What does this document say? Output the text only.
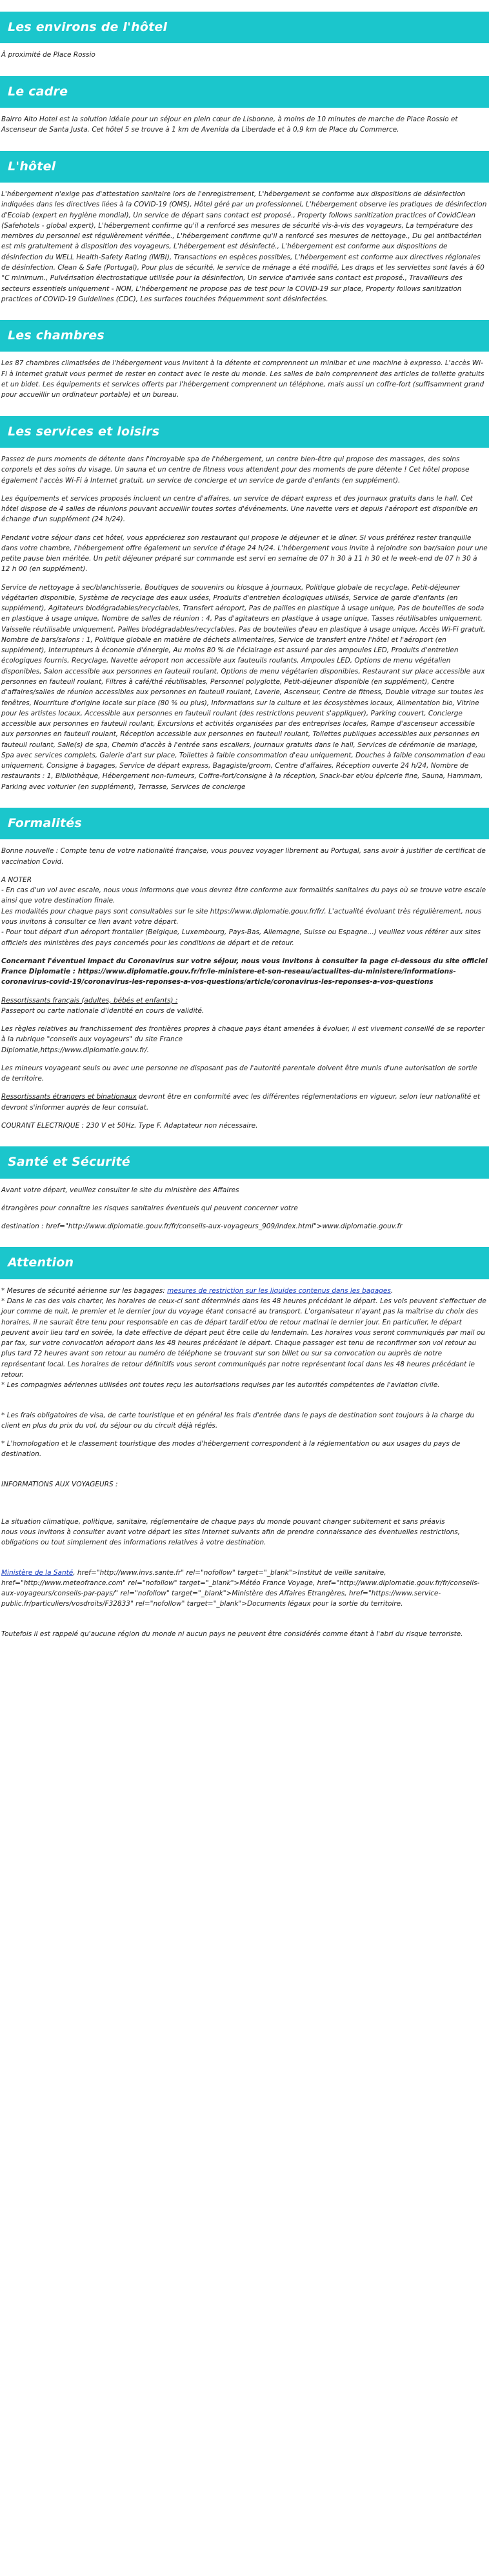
Les environs de l'hôtel

À proximité de Place Rossio

Le cadre

Bairro Alto Hotel est la solution idéale pour un séjour en plein cœur de Lisbonne, à moins de 10 minutes de marche de Place Rossio et Ascenseur de Santa Justa. Cet hôtel 5 se trouve à 1 km de Avenida da Liberdade et à 0,9 km de Place du Commerce.

L'hôtel

L'hébergement n'exige pas d'attestation sanitaire lors de l'enregistrement, L'hébergement se conforme aux dispositions de désinfection indiquées dans les directives liées à la COVID-19 (OMS), Hôtel géré par un professionnel, L'hébergement observe les pratiques de désinfection d'Ecolab (expert en hygiène mondial), Un service de départ sans contact est proposé., Property follows sanitization practices of CovidClean (Safehotels - global expert), L'hébergement confirme qu'il a renforcé ses mesures de sécurité vis-à-vis des voyageurs, La température des membres du personnel est régulièrement vérifiée., L'hébergement confirme qu'il a renforcé ses mesures de nettoyage., Du gel antibactérien est mis gratuitement à disposition des voyageurs, L'hébergement est désinfecté., L'hébergement est conforme aux dispositions de désinfection du WELL Health-Safety Rating (IWBI), Transactions en espèces possibles, L'hébergement est conforme aux directives régionales de désinfection. Clean & Safe (Portugal), Pour plus de sécurité, le service de ménage a été modifié, Les draps et les serviettes sont lavés à 60 °C minimum., Pulvérisation électrostatique utilisée pour la désinfection, Un service d'arrivée sans contact est proposé., Travailleurs des secteurs essentiels uniquement - NON, L'hébergement ne propose pas de test pour la COVID-19 sur place, Property follows sanitization practices of COVID-19 Guidelines (CDC), Les surfaces touchées fréquemment sont désinfectées.

Les chambres

Les 87 chambres climatisées de l'hébergement vous invitent à la détente et comprennent un minibar et une machine à expresso. L'accès Wi-Fi à Internet gratuit vous permet de rester en contact avec le reste du monde. Les salles de bain comprennent des articles de toilette gratuits et un bidet. Les équipements et services offerts par l'hébergement comprennent un téléphone, mais aussi un coffre-fort (suffisamment grand pour accueillir un ordinateur portable) et un bureau.

Les services et loisirs

Passez de purs moments de détente dans l'incroyable spa de l'hébergement, un centre bien-être qui propose des massages, des soins corporels et des soins du visage. Un sauna et un centre de fitness vous attendent pour des moments de pure détente ! Cet hôtel propose également l'accès Wi-Fi à Internet gratuit, un service de concierge et un service de garde d'enfants (en supplément).

Les équipements et services proposés incluent un centre d'affaires, un service de départ express et des journaux gratuits dans le hall. Cet hôtel dispose de 4 salles de réunions pouvant accueillir toutes sortes d'événements. Une navette vers et depuis l'aéroport est disponible en échange d'un supplément (24 h/24).

Pendant votre séjour dans cet hôtel, vous apprécierez son restaurant qui propose le déjeuner et le dîner. Si vous préférez rester tranquille dans votre chambre, l'hébergement offre également un service d'étage 24 h/24. L'hébergement vous invite à rejoindre son bar/salon pour une petite pause bien méritée. Un petit déjeuner préparé sur commande est servi en semaine de 07 h 30 à 11 h 30 et le week-end de 07 h 30 à 12 h 00 (en supplément).

Service de nettoyage à sec/blanchisserie, Boutiques de souvenirs ou kiosque à journaux, Politique globale de recyclage, Petit-déjeuner végétarien disponible, Système de recyclage des eaux usées, Produits d'entretien écologiques utilisés, Service de garde d'enfants (en supplément), Agitateurs biodégradables/recyclables, Transfert aéroport, Pas de pailles en plastique à usage unique, Pas de bouteilles de soda en plastique à usage unique, Nombre de salles de réunion : 4, Pas d'agitateurs en plastique à usage unique, Tasses réutilisables uniquement, Vaisselle réutilisable uniquement, Pailles biodégradables/recyclables, Pas de bouteilles d'eau en plastique à usage unique, Accès Wi-Fi gratuit, Nombre de bars/salons : 1, Politique globale en matière de déchets alimentaires, Service de transfert entre l'hôtel et l'aéroport (en supplément), Interrupteurs à économie d'énergie, Au moins 80 % de l'éclairage est assuré par des ampoules LED, Produits d'entretien écologiques fournis, Recyclage, Navette aéroport non accessible aux fauteuils roulants, Ampoules LED, Options de menu végétalien disponibles, Salon accessible aux personnes en fauteuil roulant, Options de menu végétarien disponibles, Restaurant sur place accessible aux personnes en fauteuil roulant, Filtres à café/thé réutilisables, Personnel polyglotte, Petit-déjeuner disponible (en supplément), Centre d'affaires/salles de réunion accessibles aux personnes en fauteuil roulant, Laverie, Ascenseur, Centre de fitness, Double vitrage sur toutes les fenêtres, Nourriture d'origine locale sur place (80 % ou plus), Informations sur la culture et les écosystèmes locaux, Alimentation bio, Vitrine pour les artistes locaux, Accessible aux personnes en fauteuil roulant (des restrictions peuvent s'appliquer), Parking couvert, Concierge accessible aux personnes en fauteuil roulant, Excursions et activités organisées par des entreprises locales, Rampe d'ascenseur accessible aux personnes en fauteuil roulant, Réception accessible aux personnes en fauteuil roulant, Toilettes publiques accessibles aux personnes en fauteuil roulant, Salle(s) de spa, Chemin d'accès à l'entrée sans escaliers, Journaux gratuits dans le hall, Services de cérémonie de mariage, Spa avec services complets, Galerie d'art sur place, Toilettes à faible consommation d'eau uniquement, Douches à faible consommation d'eau uniquement, Consigne à bagages, Service de départ express, Bagagiste/groom, Centre d'affaires, Réception ouverte 24 h/24, Nombre de restaurants : 1, Bibliothèque, Hébergement non-fumeurs, Coffre-fort/consigne à la réception, Snack-bar et/ou épicerie fine, Sauna, Hammam, Parking avec voiturier (en supplément), Terrasse, Services de concierge

Formalités

Bonne nouvelle : Compte tenu de votre nationalité française, vous pouvez voyager librement au Portugal, sans avoir à justifier de certificat de vaccination Covid.

A NOTER

- En cas d'un vol avec escale, nous vous informons que vous devrez être conforme aux formalités sanitaires du pays où se trouve votre escale ainsi que votre destination finale.

Les modalités pour chaque pays sont consultables sur le site https://www.diplomatie.gouv.fr/fr/. L'actualité évoluant très régulièrement, nous vous invitons à consulter ce lien avant votre départ.

- Pour tout départ d'un aéroport frontalier (Belgique, Luxembourg, Pays-Bas, Allemagne, Suisse ou Espagne...) veuillez vous référer aux sites officiels des ministères des pays concernés pour les conditions de départ et de retour.

Concernant l'éventuel impact du Coronavirus sur votre séjour, nous vous invitons à consulter la page ci-dessous du site officiel France Diplomatie : https://www.diplomatie.gouv.fr/fr/le-ministere-et-son-reseau/actualites-du-ministere/informations-coronavirus-covid-19/coronavirus-les-reponses-a-vos-questions/article/coronavirus-les-reponses-a-vos-questions

Ressortissants français (adultes, bébés et enfants) :

Passeport ou carte nationale d'identité en cours de validité.

Les règles relatives au franchissement des frontières propres à chaque pays étant amenées à évoluer, il est vivement conseillé de se reporter à la rubrique "conseils aux voyageurs" du site France

Diplomatie,https://www.diplomatie.gouv.fr/.

Les mineurs voyageant seuls ou avec une personne ne disposant pas de l'autorité parentale doivent être munis d'une autorisation de sortie de territoire.

Ressortissants étrangers et binationaux devront être en conformité avec les différentes réglementations en vigueur, selon leur nationalité et devront s'informer auprès de leur consulat.

COURANT ELECTRIQUE : 230 V et 50Hz. Type F. Adaptateur non nécessaire.

Santé et Sécurité

Avant votre départ, veuillez consulter le site du ministère des Affaires

étrangères pour connaître les risques sanitaires éventuels qui peuvent concerner votre

destination : href="http://www.diplomatie.gouv.fr/fr/conseils-aux-voyageurs_909/index.html">www.diplomatie.gouv.fr

Attention

* Mesures de sécurité aérienne sur les bagages: mesures de restriction sur les liquides contenus dans les bagages.

* Dans le cas des vols charter, les horaires de ceux-ci sont déterminés dans les 48 heures précédant le départ. Les vols peuvent s'effectuer de jour comme de nuit, le premier et le dernier jour du voyage étant consacré au transport. L'organisateur n'ayant pas la maîtrise du choix des horaires, il ne saurait être tenu pour responsable en cas de départ tardif et/ou de retour matinal le dernier jour. En particulier, le départ peuvent avoir lieu tard en soirée, la date effective de départ peut être celle du lendemain. Les horaires vous seront communiqués par mail ou par fax, sur votre convocation aéroport dans les 48 heures précédant le départ. Chaque passager est tenu de reconfirmer son vol retour au plus tard 72 heures avant son retour au numéro de téléphone se trouvant sur son billet ou sur sa convocation ou auprès de notre représentant local. Les horaires de retour définitifs vous seront communiqués par notre représentant local dans les 48 heures précédant le retour.

* Les compagnies aériennes utilisées ont toutes reçu les autorisations requises par les autorités compétentes de l'aviation civile.

* Les frais obligatoires de visa, de carte touristique et en général les frais d'entrée dans le pays de destination sont toujours à la charge du client en plus du prix du vol, du séjour ou du circuit déjà réglés.

* L'homologation et le classement touristique des modes d'hébergement correspondent à la réglementation ou aux usages du pays de destination.

INFORMATIONS AUX VOYAGEURS :

La situation climatique, politique, sanitaire, réglementaire de chaque pays du monde pouvant changer subitement et sans préavis

nous vous invitons à consulter avant votre départ les sites Internet suivants afin de prendre connaissance des éventuelles restrictions, obligations ou tout simplement des informations relatives à votre destination.

Ministère de la Santé, href="http://www.invs.sante.fr" rel="nofollow" target="_blank">Institut de veille sanitaire, href="http://www.meteofrance.com" rel="nofollow" target="_blank">Météo France Voyage, href="http://www.diplomatie.gouv.fr/fr/conseils-aux-voyageurs/conseils-par-pays/" rel="nofollow" target="_blank">Ministère des Affaires Etrangères, href="https://www.service-public.fr/particuliers/vosdroits/F32833" rel="nofollow" target="_blank">Documents légaux pour la sortie du territoire.

Toutefois il est rappelé qu'aucune région du monde ni aucun pays ne peuvent être considérés comme étant à l'abri du risque terroriste.
